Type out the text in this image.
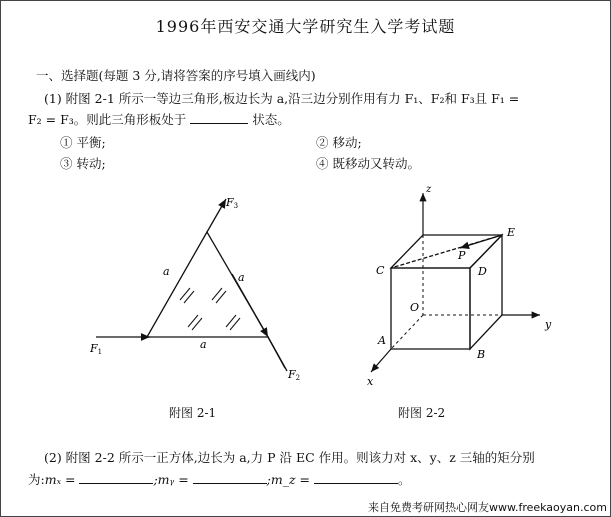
1996年西安交通大学研究生入学考试题
一、选择题(每题 3 分,请将答案的序号填入画线内)
(1) 附图 2-1 所示一等边三角形,板边长为 a,沿三边分别作用有力 F₁、F₂和 F₃且 F₁ =
F₂ = F₃。则此三角形板处于	状态。
① 平衡;	② 移动;
③ 转动;	④ 既移动又转动。
F1
F2
F3
a	a
a
附图 2-1
z
y
x
A
B
C	D
E
O
P
附图 2-2
(2) 附图 2-2 所示一正方体,边长为 a,力 P 沿 EC 作用。则该力对 x、y、z 三轴的矩分别
为:mₓ =	;mᵧ =	;m_z =	。
来自免费考研网热心网友www.freekaoyan.com
